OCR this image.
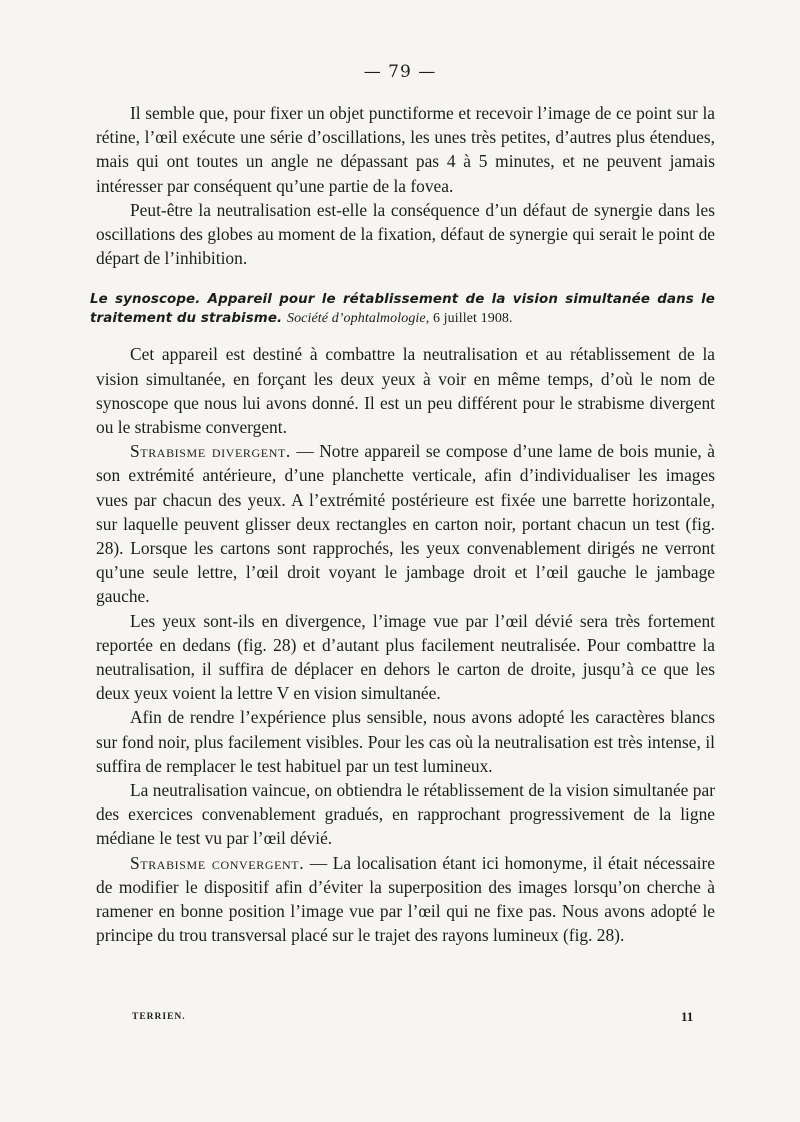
— 79 —

Il semble que, pour fixer un objet punctiforme et recevoir l’image de ce point sur la rétine, l’œil exécute une série d’oscillations, les unes très petites, d’autres plus étendues, mais qui ont toutes un angle ne dépassant pas 4 à 5 minutes, et ne peuvent jamais intéresser par conséquent qu’une partie de la fovea.

Peut-être la neutralisation est-elle la conséquence d’un défaut de synergie dans les oscillations des globes au moment de la fixation, défaut de synergie qui serait le point de départ de l’inhibition.

Le synoscope. Appareil pour le rétablissement de la vision simultanée dans le traitement du strabisme. Société d’ophtalmologie, 6 juillet 1908.

Cet appareil est destiné à combattre la neutralisation et au rétablissement de la vision simultanée, en forçant les deux yeux à voir en même temps, d’où le nom de synoscope que nous lui avons donné. Il est un peu différent pour le strabisme divergent ou le strabisme convergent.

Strabisme divergent. — Notre appareil se compose d’une lame de bois munie, à son extrémité antérieure, d’une planchette verticale, afin d’individualiser les images vues par chacun des yeux. A l’extrémité postérieure est fixée une barrette horizontale, sur laquelle peuvent glisser deux rectangles en carton noir, portant chacun un test (fig. 28). Lorsque les cartons sont rapprochés, les yeux convenablement dirigés ne verront qu’une seule lettre, l’œil droit voyant le jambage droit et l’œil gauche le jambage gauche.

Les yeux sont-ils en divergence, l’image vue par l’œil dévié sera très fortement reportée en dedans (fig. 28) et d’autant plus facilement neutralisée. Pour combattre la neutralisation, il suffira de déplacer en dehors le carton de droite, jusqu’à ce que les deux yeux voient la lettre V en vision simultanée.

Afin de rendre l’expérience plus sensible, nous avons adopté les caractères blancs sur fond noir, plus facilement visibles. Pour les cas où la neutralisation est très intense, il suffira de remplacer le test habituel par un test lumineux.

La neutralisation vaincue, on obtiendra le rétablissement de la vision simultanée par des exercices convenablement gradués, en rapprochant progressivement de la ligne médiane le test vu par l’œil dévié.

Strabisme convergent. — La localisation étant ici homonyme, il était nécessaire de modifier le dispositif afin d’éviter la superposition des images lorsqu’on cherche à ramener en bonne position l’image vue par l’œil qui ne fixe pas. Nous avons adopté le principe du trou transversal placé sur le trajet des rayons lumineux (fig. 28).

TERRIEN.	11
